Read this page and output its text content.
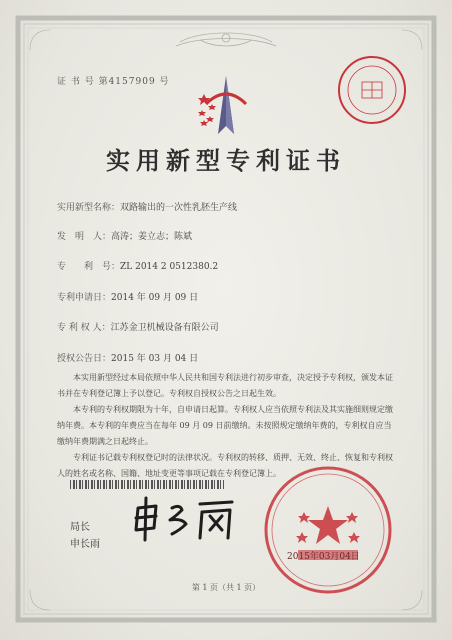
证 书 号 第4157909 号
实用新型专利证书
实用新型名称：双路输出的一次性乳胚生产线
发　明　人：高涛；姜立志；陈斌
专　　利　号：ZL 2014 2 0512380.2
专利申请日：2014 年 09 月 09 日
专 利 权 人：江苏金卫机械设备有限公司
授权公告日：2015 年 03 月 04 日

本实用新型经过本局依照中华人民共和国专利法进行初步审查，决定授予专利权，颁发本证书并在专利登记簿上予以登记。专利权自授权公告之日起生效。

本专利的专利权期限为十年，自申请日起算。专利权人应当依照专利法及其实施细则规定缴纳年费。本专利的年费应当在每年 09 月 09 日前缴纳。未按照规定缴纳年费的，专利权自应当缴纳年费期满之日起终止。

专利证书记载专利权登记时的法律状况。专利权的转移、质押、无效、终止、恢复和专利权人的姓名或名称、国籍、地址变更等事项记载在专利登记簿上。

局长
申长雨
2015年03月04日
第 1 页（共 1 页）
